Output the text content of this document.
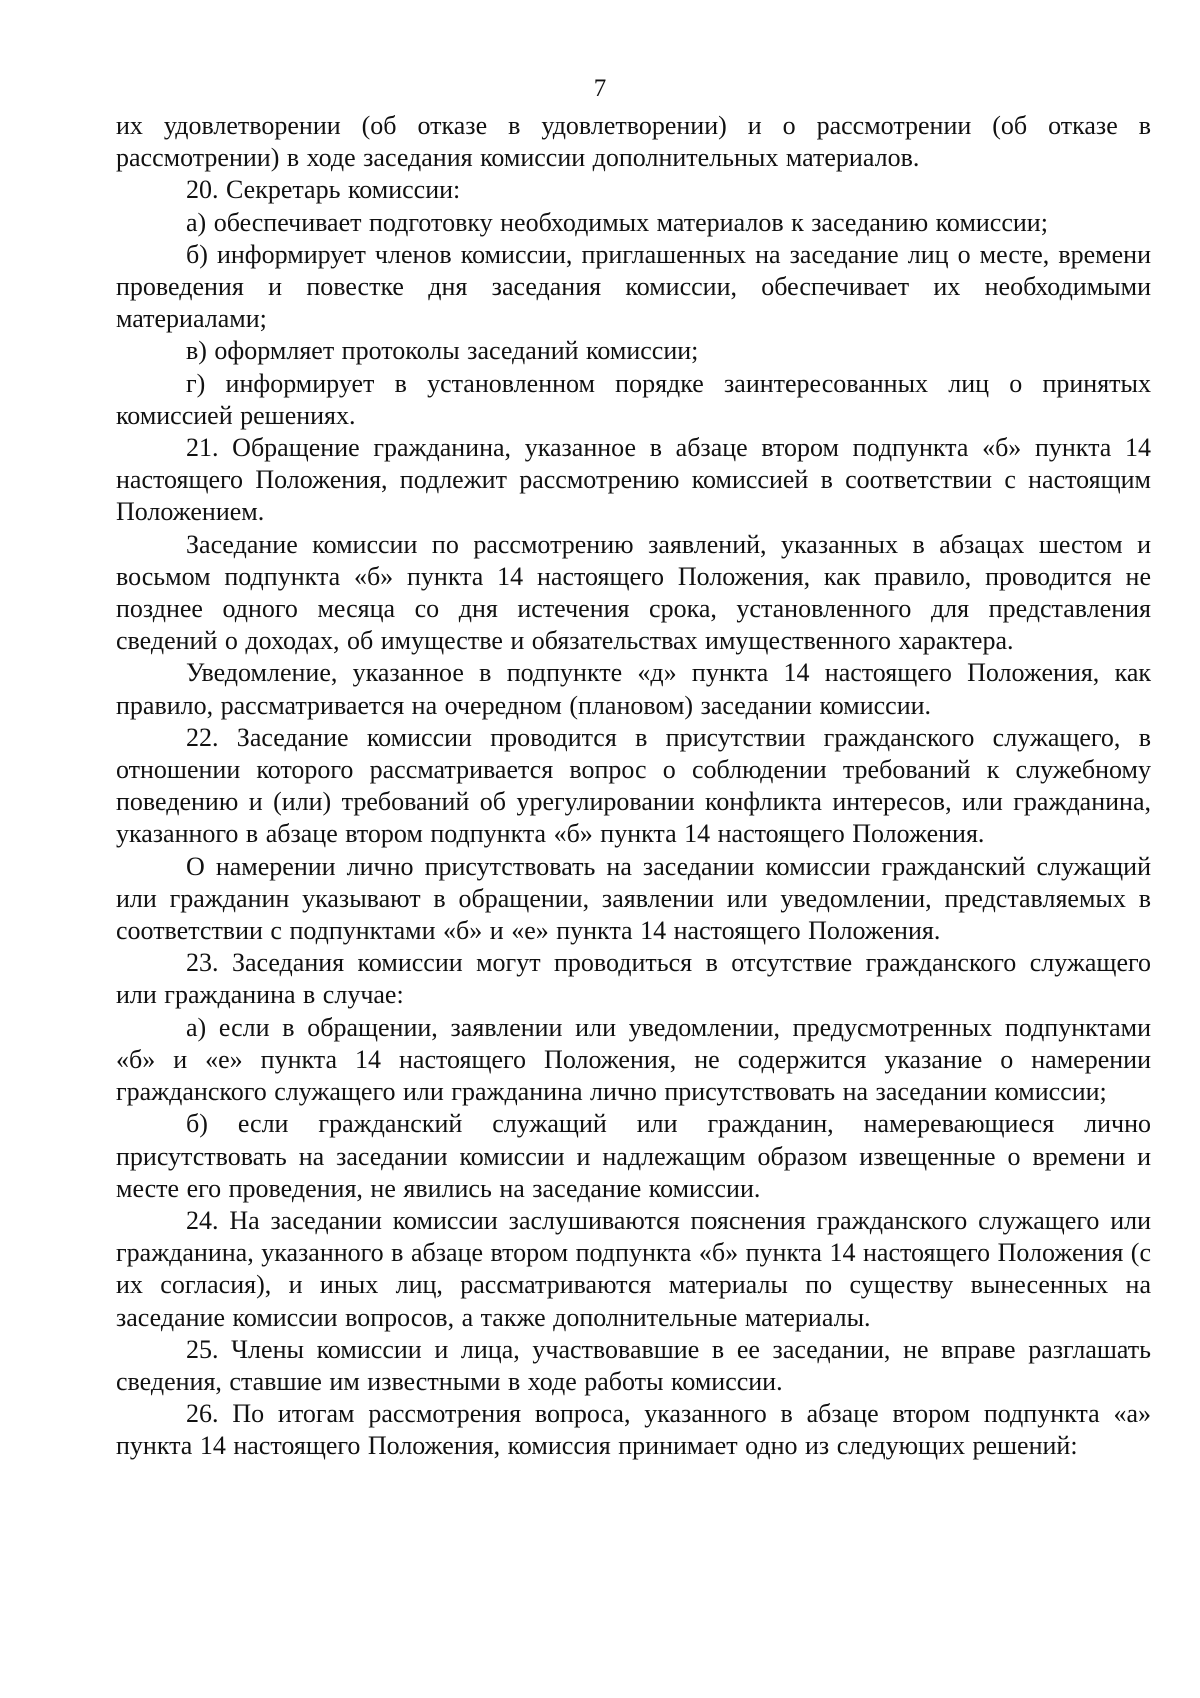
7

их удовлетворении (об отказе в удовлетворении) и о рассмотрении (об отказе в рассмотрении) в ходе заседания комиссии дополнительных материалов.

20. Секретарь комиссии:

а) обеспечивает подготовку необходимых материалов к заседанию комиссии;

б) информирует членов комиссии, приглашенных на заседание лиц о месте, времени проведения и повестке дня заседания комиссии, обеспечивает их необходимыми материалами;

в) оформляет протоколы заседаний комиссии;

г) информирует в установленном порядке заинтересованных лиц о принятых комиссией решениях.

21. Обращение гражданина, указанное в абзаце втором подпункта «б» пункта 14 настоящего Положения, подлежит рассмотрению комиссией в соответствии с настоящим Положением.

Заседание комиссии по рассмотрению заявлений, указанных в абзацах шестом и восьмом подпункта «б» пункта 14 настоящего Положения, как правило, проводится не позднее одного месяца со дня истечения срока, установленного для представления сведений о доходах, об имуществе и обязательствах имущественного характера.

Уведомление, указанное в подпункте «д» пункта 14 настоящего Положения, как правило, рассматривается на очередном (плановом) заседании комиссии.

22. Заседание комиссии проводится в присутствии гражданского служащего, в отношении которого рассматривается вопрос о соблюдении требований к служебному поведению и (или) требований об урегулировании конфликта интересов, или гражданина, указанного в абзаце втором подпункта «б» пункта 14 настоящего Положения.

О намерении лично присутствовать на заседании комиссии гражданский служащий или гражданин указывают в обращении, заявлении или уведомлении, представляемых в соответствии с подпунктами «б» и «е» пункта 14 настоящего Положения.

23. Заседания комиссии могут проводиться в отсутствие гражданского служащего или гражданина в случае:

а) если в обращении, заявлении или уведомлении, предусмотренных подпунктами «б» и «е» пункта 14 настоящего Положения, не содержится указание о намерении гражданского служащего или гражданина лично присутствовать на заседании комиссии;

б) если гражданский служащий или гражданин, намеревающиеся лично присутствовать на заседании комиссии и надлежащим образом извещенные о времени и месте его проведения, не явились на заседание комиссии.

24. На заседании комиссии заслушиваются пояснения гражданского служащего или гражданина, указанного в абзаце втором подпункта «б» пункта 14 настоящего Положения (с их согласия), и иных лиц, рассматриваются материалы по существу вынесенных на заседание комиссии вопросов, а также дополнительные материалы.

25. Члены комиссии и лица, участвовавшие в ее заседании, не вправе разглашать сведения, ставшие им известными в ходе работы комиссии.

26. По итогам рассмотрения вопроса, указанного в абзаце втором подпункта «а» пункта 14 настоящего Положения, комиссия принимает одно из следующих решений:
